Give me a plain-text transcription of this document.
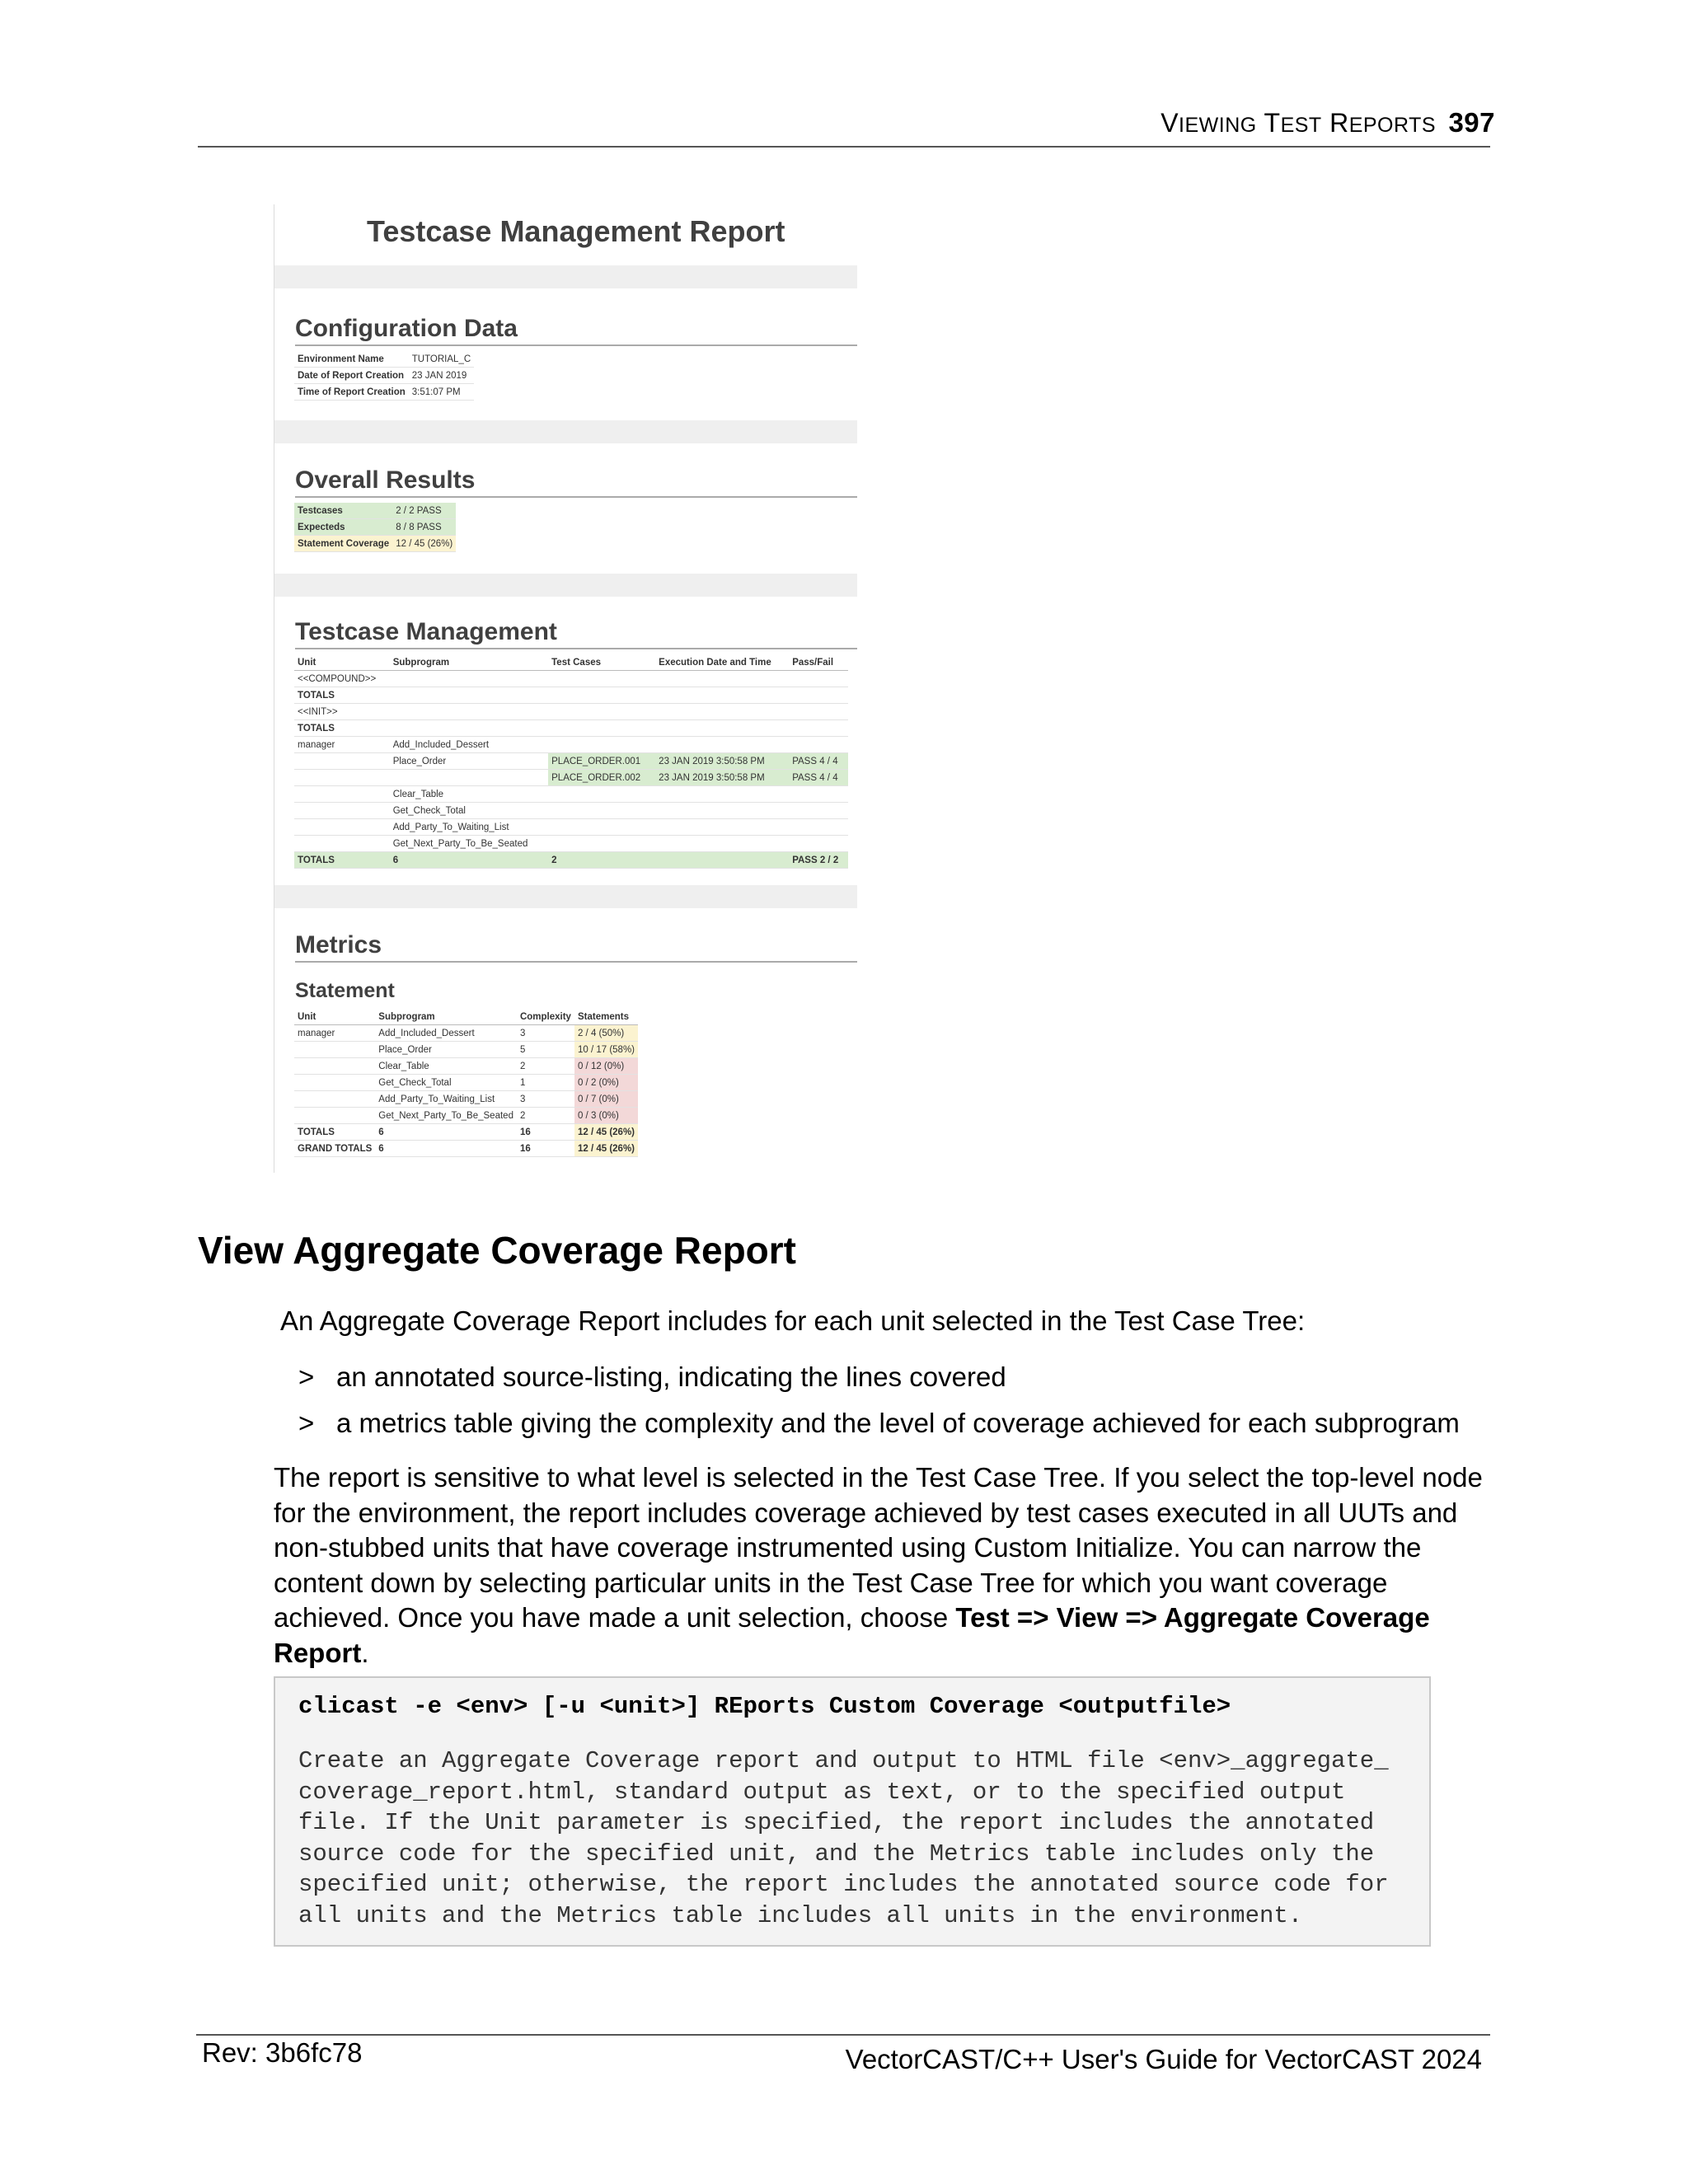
VIEWING TEST REPORTS 397
Testcase Management Report
Configuration Data
Environment Name	TUTORIAL_C
Date of Report Creation	23 JAN 2019
Time of Report Creation	3:51:07 PM
Overall Results
Testcases	2 / 2 PASS
Expecteds	8 / 8 PASS
Statement Coverage	12 / 45 (26%)
Testcase Management
Unit	Subprogram	Test Cases	Execution Date and Time	Pass/Fail
<<COMPOUND>>				
TOTALS				
<<INIT>>				
TOTALS				
manager	Add_Included_Dessert			
	Place_Order	PLACE_ORDER.001	23 JAN 2019 3:50:58 PM	PASS 4 / 4
		PLACE_ORDER.002	23 JAN 2019 3:50:58 PM	PASS 4 / 4
	Clear_Table			
	Get_Check_Total			
	Add_Party_To_Waiting_List			
	Get_Next_Party_To_Be_Seated			
TOTALS	6	2		PASS 2 / 2
Metrics
Statement
Unit	Subprogram	Complexity	Statements
manager	Add_Included_Dessert	3	2 / 4 (50%)
	Place_Order	5	10 / 17 (58%)
	Clear_Table	2	0 / 12 (0%)
	Get_Check_Total	1	0 / 2 (0%)
	Add_Party_To_Waiting_List	3	0 / 7 (0%)
	Get_Next_Party_To_Be_Seated	2	0 / 3 (0%)
TOTALS	6	16	12 / 45 (26%)
GRAND TOTALS	6	16	12 / 45 (26%)
View Aggregate Coverage Report
An Aggregate Coverage Report includes for each unit selected in the Test Case Tree:
> an annotated source-listing, indicating the lines covered
> a metrics table giving the complexity and the level of coverage achieved for each subprogram
The report is sensitive to what level is selected in the Test Case Tree. If you select the top-level node for the environment, the report includes coverage achieved by test cases executed in all UUTs and non-stubbed units that have coverage instrumented using Custom Initialize. You can narrow the content down by selecting particular units in the Test Case Tree for which you want coverage achieved. Once you have made a unit selection, choose Test => View => Aggregate Coverage Report.
clicast -e <env> [-u <unit>] REports Custom Coverage <outputfile>
Create an Aggregate Coverage report and output to HTML file <env>_aggregate_
coverage_report.html, standard output as text, or to the specified output
file. If the Unit parameter is specified, the report includes the annotated
source code for the specified unit, and the Metrics table includes only the
specified unit; otherwise, the report includes the annotated source code for
all units and the Metrics table includes all units in the environment.
Rev: 3b6fc78	VectorCAST/C++ User's Guide for VectorCAST 2024
